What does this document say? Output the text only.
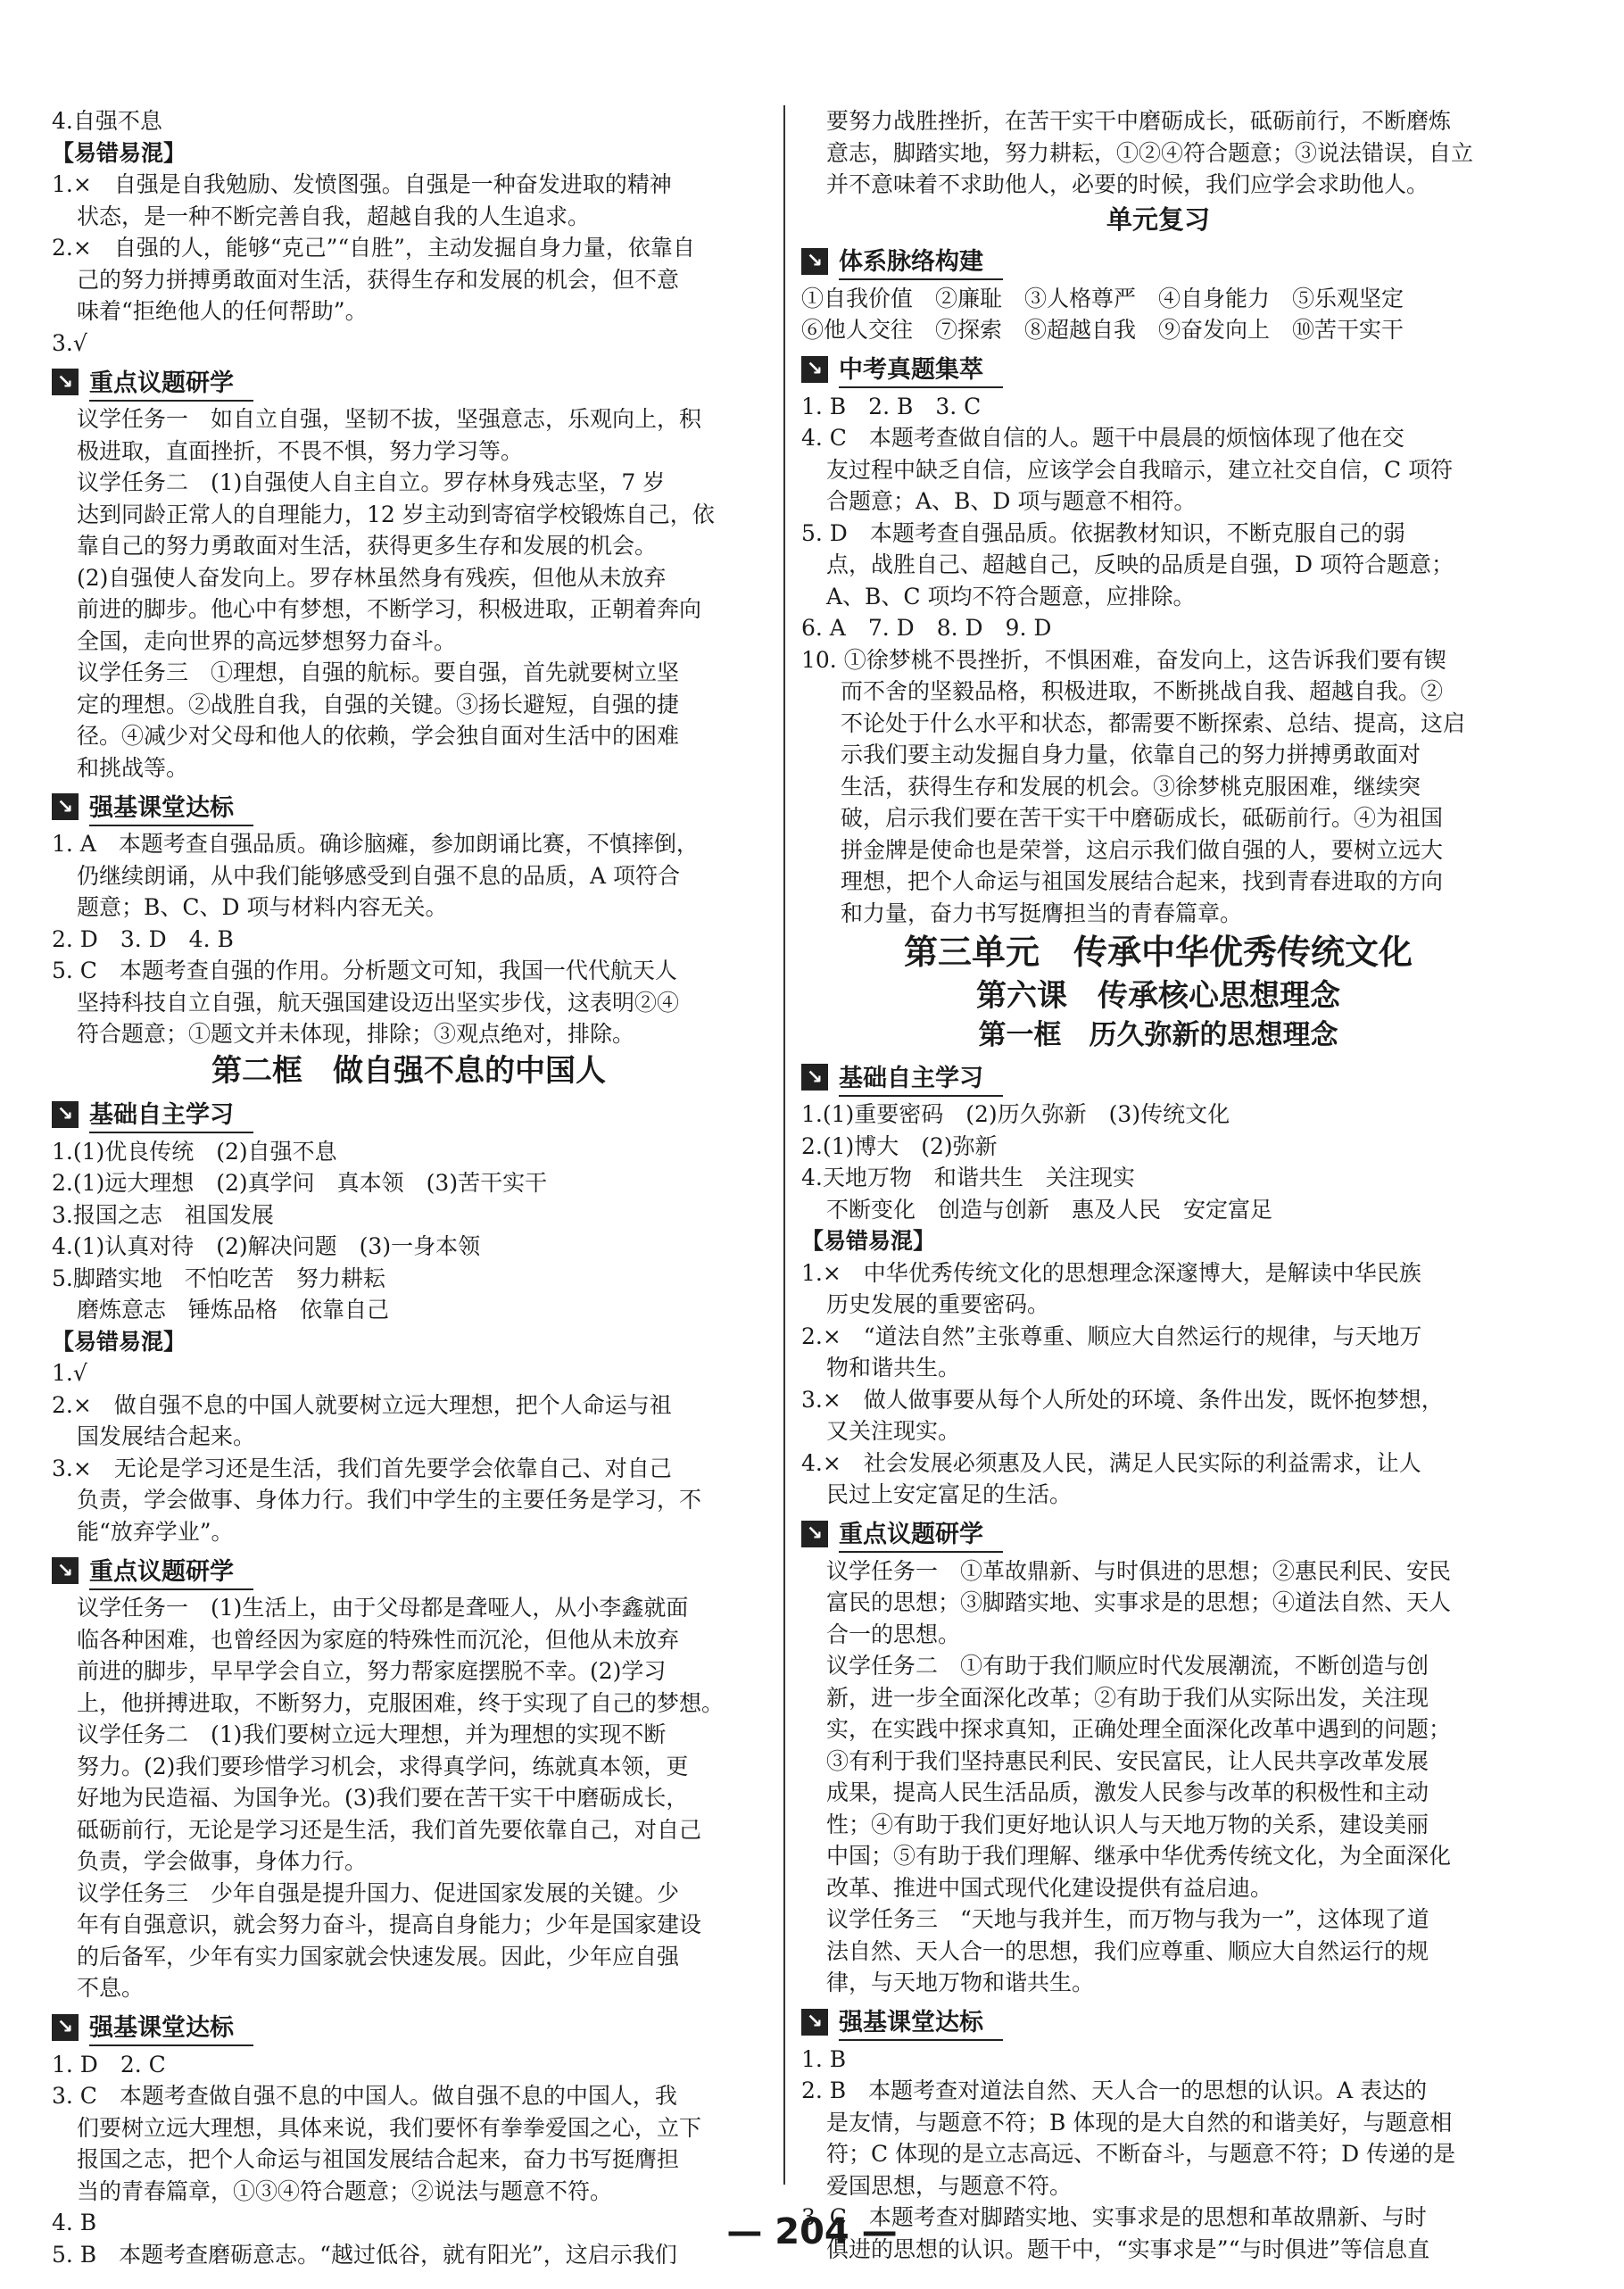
4.自强不息
【易错易混】
1.×　自强是自我勉励、发愤图强。自强是一种奋发进取的精神
状态，是一种不断完善自我，超越自我的人生追求。
2.×　自强的人，能够“克己”“自胜”，主动发掘自身力量，依靠自
己的努力拼搏勇敢面对生活，获得生存和发展的机会，但不意
味着“拒绝他人的任何帮助”。
3.√
↘ 重点议题研学
议学任务一　如自立自强，坚韧不拔，坚强意志，乐观向上，积
极进取，直面挫折，不畏不惧，努力学习等。
议学任务二　(1)自强使人自主自立。罗存林身残志坚，7 岁
达到同龄正常人的自理能力，12 岁主动到寄宿学校锻炼自己，依
靠自己的努力勇敢面对生活，获得更多生存和发展的机会。
(2)自强使人奋发向上。罗存林虽然身有残疾，但他从未放弃
前进的脚步。他心中有梦想，不断学习，积极进取，正朝着奔向
全国，走向世界的高远梦想努力奋斗。
议学任务三　①理想，自强的航标。要自强，首先就要树立坚
定的理想。②战胜自我，自强的关键。③扬长避短，自强的捷
径。④减少对父母和他人的依赖，学会独自面对生活中的困难
和挑战等。
↘ 强基课堂达标
1. A　本题考查自强品质。确诊脑瘫，参加朗诵比赛，不慎摔倒，
仍继续朗诵，从中我们能够感受到自强不息的品质，A 项符合
题意；B、C、D 项与材料内容无关。
2. D　3. D　4. B
5. C　本题考查自强的作用。分析题文可知，我国一代代航天人
坚持科技自立自强，航天强国建设迈出坚实步伐，这表明②④
符合题意；①题文并未体现，排除；③观点绝对，排除。
第二框　做自强不息的中国人
↘ 基础自主学习
1.(1)优良传统　(2)自强不息
2.(1)远大理想　(2)真学问　真本领　(3)苦干实干
3.报国之志　祖国发展
4.(1)认真对待　(2)解决问题　(3)一身本领
5.脚踏实地　不怕吃苦　努力耕耘
磨炼意志　锤炼品格　依靠自己
【易错易混】
1.√
2.×　做自强不息的中国人就要树立远大理想，把个人命运与祖
国发展结合起来。
3.×　无论是学习还是生活，我们首先要学会依靠自己、对自己
负责，学会做事、身体力行。我们中学生的主要任务是学习，不
能“放弃学业”。
↘ 重点议题研学
议学任务一　(1)生活上，由于父母都是聋哑人，从小李鑫就面
临各种困难，也曾经因为家庭的特殊性而沉沦，但他从未放弃
前进的脚步，早早学会自立，努力帮家庭摆脱不幸。(2)学习
上，他拼搏进取，不断努力，克服困难，终于实现了自己的梦想。
议学任务二　(1)我们要树立远大理想，并为理想的实现不断
努力。(2)我们要珍惜学习机会，求得真学问，练就真本领，更
好地为民造福、为国争光。(3)我们要在苦干实干中磨砺成长，
砥砺前行，无论是学习还是生活，我们首先要依靠自己，对自己
负责，学会做事，身体力行。
议学任务三　少年自强是提升国力、促进国家发展的关键。少
年有自强意识，就会努力奋斗，提高自身能力；少年是国家建设
的后备军，少年有实力国家就会快速发展。因此，少年应自强
不息。
↘ 强基课堂达标
1. D　2. C
3. C　本题考查做自强不息的中国人。做自强不息的中国人，我
们要树立远大理想，具体来说，我们要怀有拳拳爱国之心，立下
报国之志，把个人命运与祖国发展结合起来，奋力书写挺膺担
当的青春篇章，①③④符合题意；②说法与题意不符。
4. B
5. B　本题考查磨砺意志。“越过低谷，就有阳光”，这启示我们
要努力战胜挫折，在苦干实干中磨砺成长，砥砺前行，不断磨炼
意志，脚踏实地，努力耕耘，①②④符合题意；③说法错误，自立
并不意味着不求助他人，必要的时候，我们应学会求助他人。
单元复习
↘ 体系脉络构建
①自我价值　②廉耻　③人格尊严　④自身能力　⑤乐观坚定
⑥他人交往　⑦探索　⑧超越自我　⑨奋发向上　⑩苦干实干
↘ 中考真题集萃
1. B　2. B　3. C
4. C　本题考查做自信的人。题干中晨晨的烦恼体现了他在交
友过程中缺乏自信，应该学会自我暗示，建立社交自信，C 项符
合题意；A、B、D 项与题意不相符。
5. D　本题考查自强品质。依据教材知识，不断克服自己的弱
点，战胜自己、超越自己，反映的品质是自强，D 项符合题意；
A、B、C 项均不符合题意，应排除。
6. A　7. D　8. D　9. D
10. ①徐梦桃不畏挫折，不惧困难，奋发向上，这告诉我们要有锲
而不舍的坚毅品格，积极进取，不断挑战自我、超越自我。②
不论处于什么水平和状态，都需要不断探索、总结、提高，这启
示我们要主动发掘自身力量，依靠自己的努力拼搏勇敢面对
生活，获得生存和发展的机会。③徐梦桃克服困难，继续突
破，启示我们要在苦干实干中磨砺成长，砥砺前行。④为祖国
拼金牌是使命也是荣誉，这启示我们做自强的人，要树立远大
理想，把个人命运与祖国发展结合起来，找到青春进取的方向
和力量，奋力书写挺膺担当的青春篇章。
第三单元　传承中华优秀传统文化
第六课　传承核心思想理念
第一框　历久弥新的思想理念
↘ 基础自主学习
1.(1)重要密码　(2)历久弥新　(3)传统文化
2.(1)博大　(2)弥新
4.天地万物　和谐共生　关注现实
不断变化　创造与创新　惠及人民　安定富足
【易错易混】
1.×　中华优秀传统文化的思想理念深邃博大，是解读中华民族
历史发展的重要密码。
2.×　“道法自然”主张尊重、顺应大自然运行的规律，与天地万
物和谐共生。
3.×　做人做事要从每个人所处的环境、条件出发，既怀抱梦想，
又关注现实。
4.×　社会发展必须惠及人民，满足人民实际的利益需求，让人
民过上安定富足的生活。
↘ 重点议题研学
议学任务一　①革故鼎新、与时俱进的思想；②惠民利民、安民
富民的思想；③脚踏实地、实事求是的思想；④道法自然、天人
合一的思想。
议学任务二　①有助于我们顺应时代发展潮流，不断创造与创
新，进一步全面深化改革；②有助于我们从实际出发，关注现
实，在实践中探求真知，正确处理全面深化改革中遇到的问题；
③有利于我们坚持惠民利民、安民富民，让人民共享改革发展
成果，提高人民生活品质，激发人民参与改革的积极性和主动
性；④有助于我们更好地认识人与天地万物的关系，建设美丽
中国；⑤有助于我们理解、继承中华优秀传统文化，为全面深化
改革、推进中国式现代化建设提供有益启迪。
议学任务三　“天地与我并生，而万物与我为一”，这体现了道
法自然、天人合一的思想，我们应尊重、顺应大自然运行的规
律，与天地万物和谐共生。
↘ 强基课堂达标
1. B
2. B　本题考查对道法自然、天人合一的思想的认识。A 表达的
是友情，与题意不符；B 体现的是大自然的和谐美好，与题意相
符；C 体现的是立志高远、不断奋斗，与题意不符；D 传递的是
爱国思想，与题意不符。
3. C　本题考查对脚踏实地、实事求是的思想和革故鼎新、与时
俱进的思想的认识。题干中，“实事求是”“与时俱进”等信息直
— 204 —
